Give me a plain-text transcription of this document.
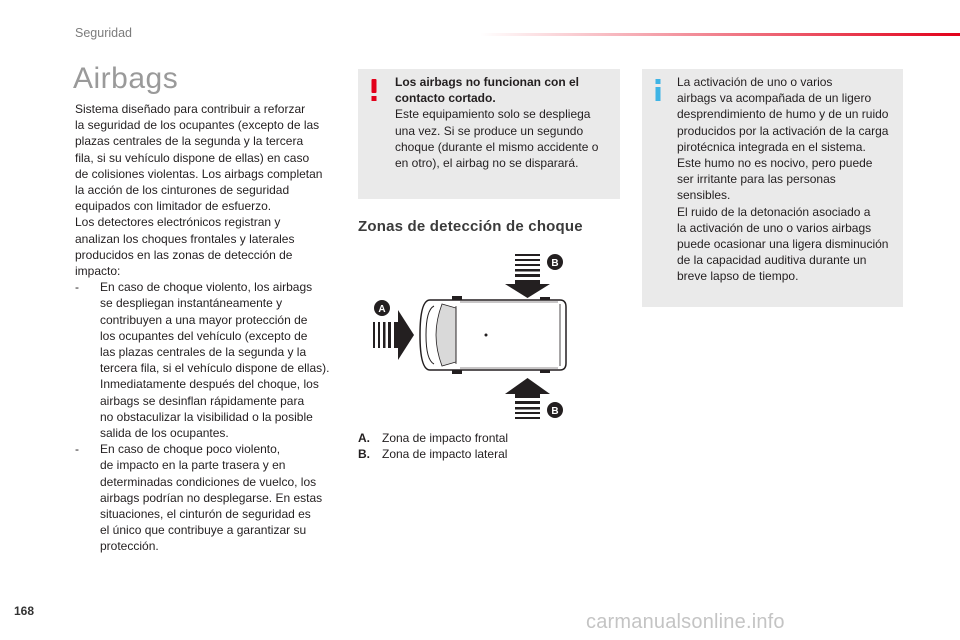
Seguridad
Airbags

Sistema diseñado para contribuir a reforzar
la seguridad de los ocupantes (excepto de las
plazas centrales de la segunda y la tercera
fila, si su vehículo dispone de ellas) en caso
de colisiones violentas. Los airbags completan
la acción de los cinturones de seguridad
equipados con limitador de esfuerzo.
Los detectores electrónicos registran y
analizan los choques frontales y laterales
producidos en las zonas de detección de
impacto:

-	En caso de choque violento, los airbags
se despliegan instantáneamente y
contribuyen a una mayor protección de
los ocupantes del vehículo (excepto de
las plazas centrales de la segunda y la
tercera fila, si el vehículo dispone de ellas).
Inmediatamente después del choque, los
airbags se desinflan rápidamente para
no obstaculizar la visibilidad o la posible
salida de los ocupantes.
-	En caso de choque poco violento,
de impacto en la parte trasera y en
determinadas condiciones de vuelco, los
airbags podrían no desplegarse. En estas
situaciones, el cinturón de seguridad es
el único que contribuye a garantizar su
protección.
Los airbags no funcionan con el
contacto cortado.
Este equipamiento solo se despliega
una vez. Si se produce un segundo
choque (durante el mismo accidente o
en otro), el airbag no se disparará.
La activación de uno o varios
airbags va acompañada de un ligero
desprendimiento de humo y de un ruido
producidos por la activación de la carga
pirotécnica integrada en el sistema.
Este humo no es nocivo, pero puede
ser irritante para las personas
sensibles.
El ruido de la detonación asociado a
la activación de uno o varios airbags
puede ocasionar una ligera disminución
de la capacidad auditiva durante un
breve lapso de tiempo.
Zonas de detección de choque
A
B
B
A. Zona de impacto frontal
B. Zona de impacto lateral
168	carmanualsonline.info
